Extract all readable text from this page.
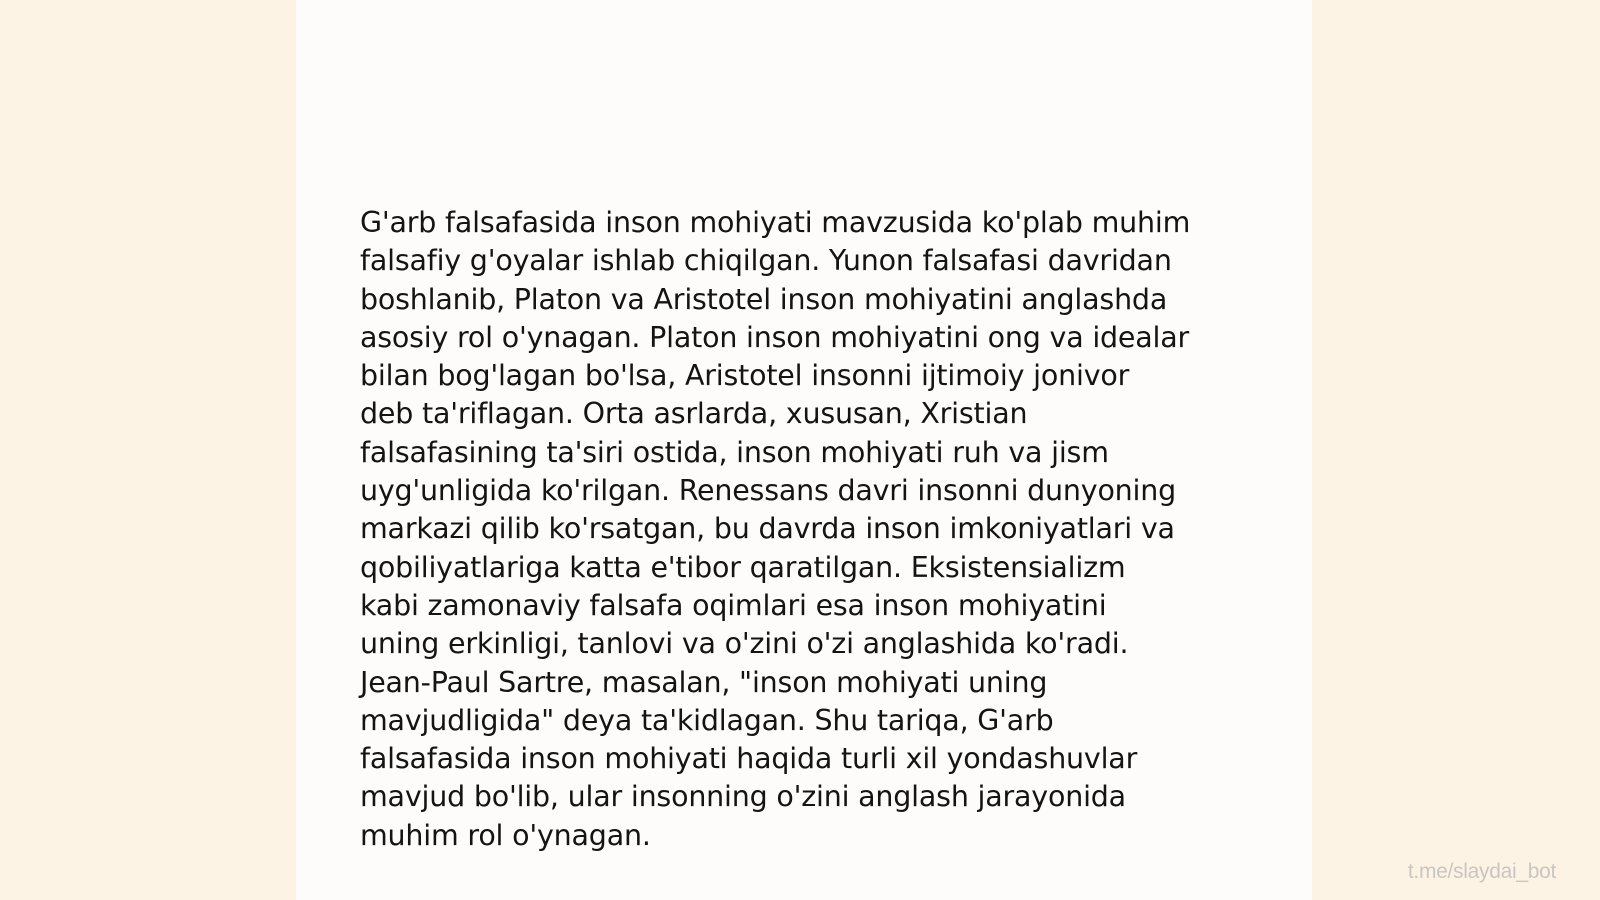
G'arb falsafasida inson mohiyati mavzusida ko'plab muhim
falsafiy g'oyalar ishlab chiqilgan. Yunon falsafasi davridan
boshlanib, Platon va Aristotel inson mohiyatini anglashda
asosiy rol o'ynagan. Platon inson mohiyatini ong va idealar
bilan bog'lagan bo'lsa, Aristotel insonni ijtimoiy jonivor
deb ta'riflagan. Orta asrlarda, xususan, Xristian
falsafasining ta'siri ostida, inson mohiyati ruh va jism
uyg'unligida ko'rilgan. Renessans davri insonni dunyoning
markazi qilib ko'rsatgan, bu davrda inson imkoniyatlari va
qobiliyatlariga katta e'tibor qaratilgan. Eksistensializm
kabi zamonaviy falsafa oqimlari esa inson mohiyatini
uning erkinligi, tanlovi va o'zini o'zi anglashida ko'radi.
Jean-Paul Sartre, masalan, "inson mohiyati uning
mavjudligida" deya ta'kidlagan. Shu tariqa, G'arb
falsafasida inson mohiyati haqida turli xil yondashuvlar
mavjud bo'lib, ular insonning o'zini anglash jarayonida
muhim rol o'ynagan.

t.me/slaydai_bot
